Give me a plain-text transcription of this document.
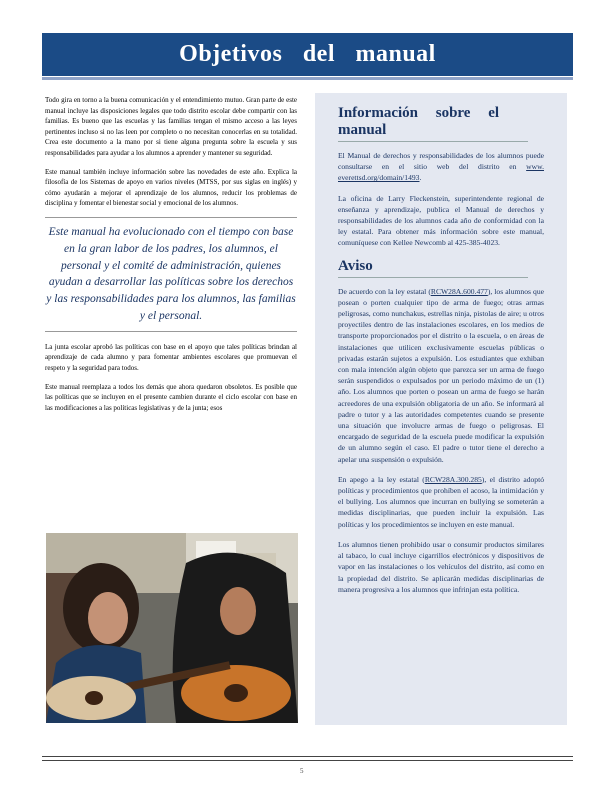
Objetivos del manual

Todo gira en torno a la buena comunicación y el entendimiento mutuo. Gran parte de este manual incluye las disposiciones legales que todo distrito escolar debe compartir con las familias. Es bueno que las escuelas y las familias tengan el mismo acceso a las leyes pertinentes incluso si no las leen por completo o no necesitan conocerlas en su totalidad. Crea este documento a la mano por si tiene alguna pregunta sobre la escuela y sus responsabilidades para ayudar a los alumnos a aprender y mantener su seguridad.

Este manual también incluye información sobre las novedades de este año. Explica la filosofía de los Sistemas de apoyo en varios niveles (MTSS, por sus siglas en inglés) y cómo ayudarán a mejorar el aprendizaje de los alumnos, reducir los problemas de disciplina y fomentar el bienestar social y emocional de los alumnos.

Este manual ha evolucionado con el tiempo con base en la gran labor de los padres, los alumnos, el personal y el comité de administración, quienes ayudan a desarrollar las políticas sobre los derechos y las responsabilidades para los alumnos, las familias y el personal.

La junta escolar aprobó las políticas con base en el apoyo que tales políticas brindan al aprendizaje de cada alumno y para fomentar ambientes escolares que promuevan el respeto y la seguridad para todos.

Este manual reemplaza a todos los demás que ahora quedaron obsoletos. Es posible que las políticas que se incluyen en el presente cambien durante el ciclo escolar con base en las modificaciones a las políticas legislativas y de la junta; esos

Información sobre el manual

El Manual de derechos y responsabilidades de los alumnos puede consultarse en el sitio web del distrito en www. everettsd.org/domain/1493.

La oficina de Larry Fleckenstein, superintendente regional de enseñanza y aprendizaje, publica el Manual de derechos y responsabilidades de los alumnos cada año de conformidad con la ley estatal. Para obtener más información sobre este manual, comuníquese con Kellee Newcomb al 425-385-4023.

Aviso

De acuerdo con la ley estatal (RCW28A.600.477), los alumnos que posean o porten cualquier tipo de arma de fuego; otras armas peligrosas, como nunchakus, estrellas ninja, pistolas de aire; u otros proyectiles dentro de las instalaciones escolares, en los medios de transporte proporcionados por el distrito o la escuela, o en áreas de instalaciones que utilicen exclusivamente escuelas públicas o privadas estarán sujetos a expulsión. Los estudiantes que exhiban con mala intención algún objeto que parezca ser un arma de fuego serán suspendidos o expulsados por un periodo máximo de un (1) año. Los alumnos que porten o posean un arma de fuego se harán acreedores de una expulsión obligatoria de un año. Se informará al padre o tutor y a las autoridades competentes cuando se presente una situación que involucre armas de fuego o peligrosas. El encargado de seguridad de la escuela puede modificar la expulsión de un alumno según el caso. El padre o tutor tiene el derecho a apelar una suspensión o expulsión.

En apego a la ley estatal (RCW28A.300.285), el distrito adoptó políticas y procedimientos que prohíben el acoso, la intimidación y el bullying. Los alumnos que incurran en bullying se someterán a medidas disciplinarias, que pueden incluir la expulsión. Las políticas y los procedimientos se incluyen en este manual.

Los alumnos tienen prohibido usar o consumir productos similares al tabaco, lo cual incluye cigarrillos electrónicos y dispositivos de vapor en las instalaciones o los vehículos del distrito, así como en la propiedad del distrito. Se aplicarán medidas disciplinarias de manera progresiva a los alumnos que infrinjan esta política.

5
